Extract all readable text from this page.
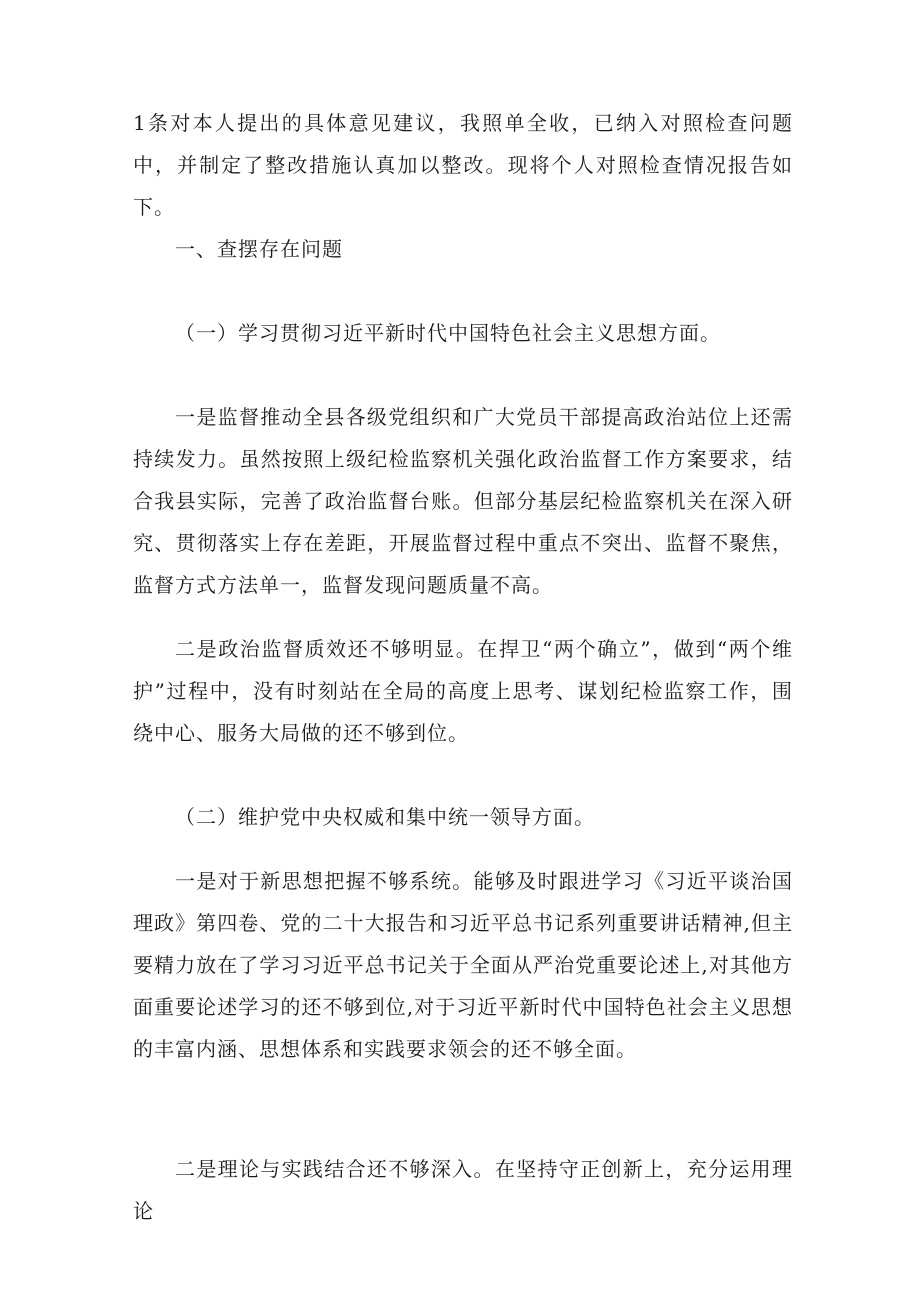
1条对本人提出的具体意见建议，我照单全收，已纳入对照检查问题中，并制定了整改措施认真加以整改。现将个人对照检查情况报告如下。

一、查摆存在问题

（一）学习贯彻习近平新时代中国特色社会主义思想方面。

一是监督推动全县各级党组织和广大党员干部提高政治站位上还需持续发力。虽然按照上级纪检监察机关强化政治监督工作方案要求，结合我县实际，完善了政治监督台账。但部分基层纪检监察机关在深入研究、贯彻落实上存在差距，开展监督过程中重点不突出、监督不聚焦，监督方式方法单一，监督发现问题质量不高。

二是政治监督质效还不够明显。在捍卫“两个确立”，做到“两个维护”过程中，没有时刻站在全局的高度上思考、谋划纪检监察工作，围绕中心、服务大局做的还不够到位。

（二）维护党中央权威和集中统一领导方面。

一是对于新思想把握不够系统。能够及时跟进学习《习近平谈治国理政》第四卷、党的二十大报告和习近平总书记系列重要讲话精神,但主要精力放在了学习习近平总书记关于全面从严治党重要论述上,对其他方面重要论述学习的还不够到位,对于习近平新时代中国特色社会主义思想的丰富内涵、思想体系和实践要求领会的还不够全面。

二是理论与实践结合还不够深入。在坚持守正创新上，充分运用理论
